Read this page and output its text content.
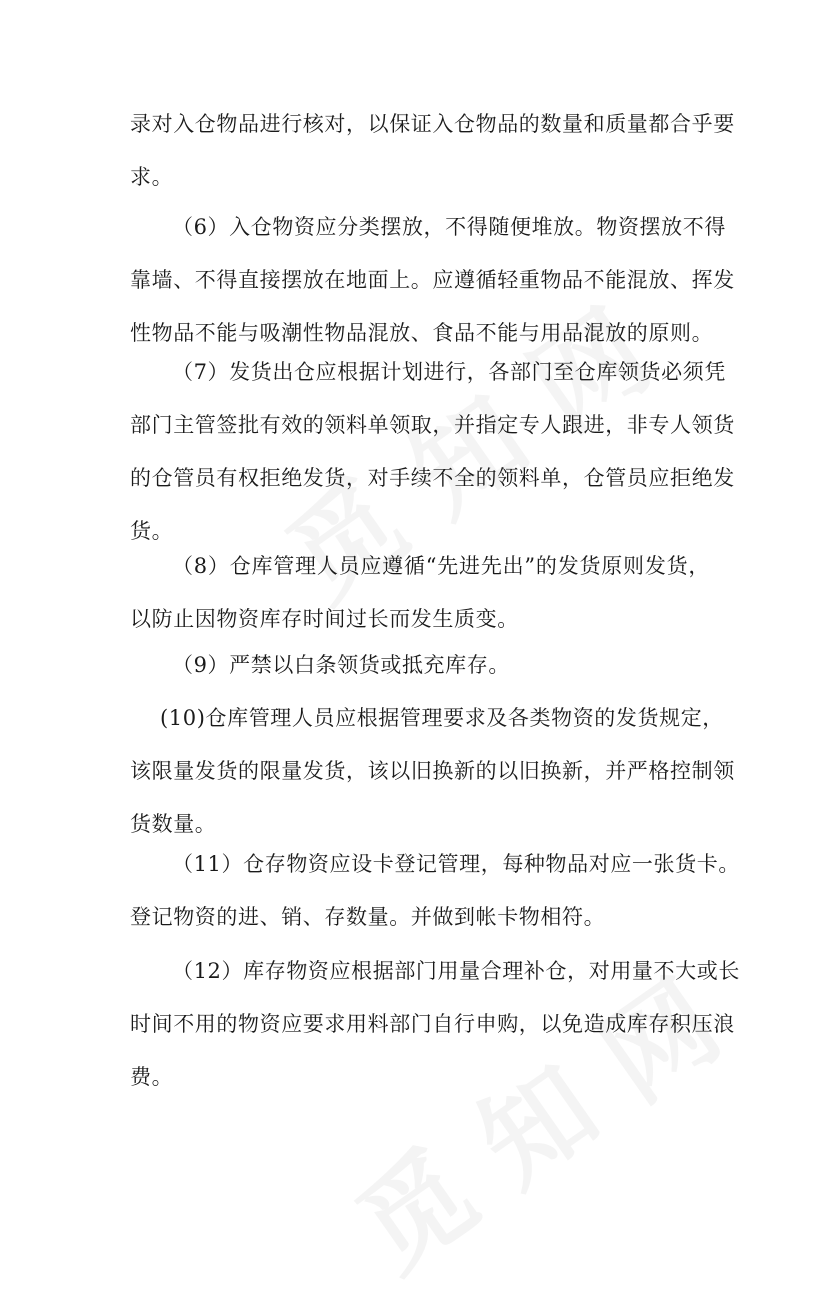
录对入仓物品进行核对，以保证入仓物品的数量和质量都合乎要
求。
（6）入仓物资应分类摆放，不得随便堆放。物资摆放不得
靠墙、不得直接摆放在地面上。应遵循轻重物品不能混放、挥发
性物品不能与吸潮性物品混放、食品不能与用品混放的原则。
（7）发货出仓应根据计划进行，各部门至仓库领货必须凭
部门主管签批有效的领料单领取，并指定专人跟进，非专人领货
的仓管员有权拒绝发货，对手续不全的领料单，仓管员应拒绝发
货。
（8）仓库管理人员应遵循“先进先出”的发货原则发货，
以防止因物资库存时间过长而发生质变。
（9）严禁以白条领货或抵充库存。
(10)仓库管理人员应根据管理要求及各类物资的发货规定，
该限量发货的限量发货，该以旧换新的以旧换新，并严格控制领
货数量。
（11）仓存物资应设卡登记管理，每种物品对应一张货卡。
登记物资的进、销、存数量。并做到帐卡物相符。
（12）库存物资应根据部门用量合理补仓，对用量不大或长
时间不用的物资应要求用料部门自行申购，以免造成库存积压浪
费。
